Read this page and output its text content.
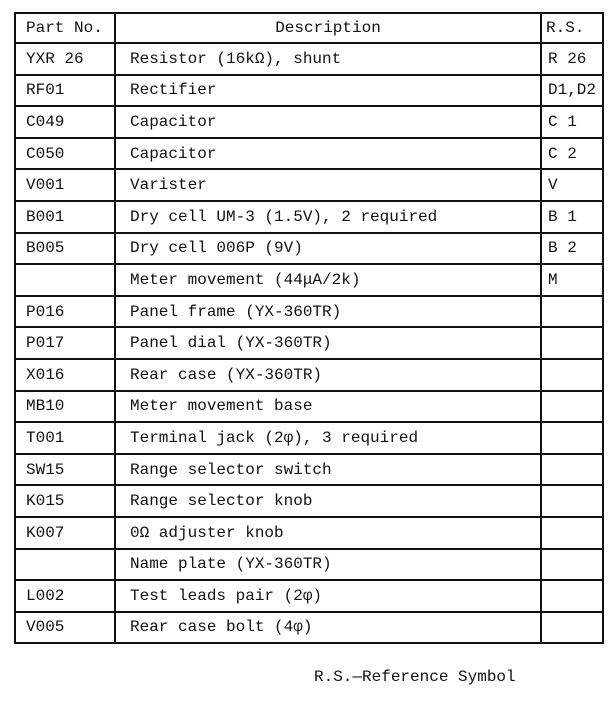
Part No.	Description	R.S.
YXR 26	Resistor (16kΩ), shunt	R 26
RF01	Rectifier	D1,D2
C049	Capacitor	C 1
C050	Capacitor	C 2
V001	Varister	V
B001	Dry cell UM-3 (1.5V), 2 required	B 1
B005	Dry cell 006P (9V)	B 2
	Meter movement (44μA/2k)	M
P016	Panel frame (YX-360TR)	
P017	Panel dial (YX-360TR)	
X016	Rear case (YX-360TR)	
MB10	Meter movement base	
T001	Terminal jack (2φ), 3 required	
SW15	Range selector switch	
K015	Range selector knob	
K007	0Ω adjuster knob	
	Name plate (YX-360TR)	
L002	Test leads pair (2φ)	
V005	Rear case bolt (4φ)	
R.S.—Reference Symbol
